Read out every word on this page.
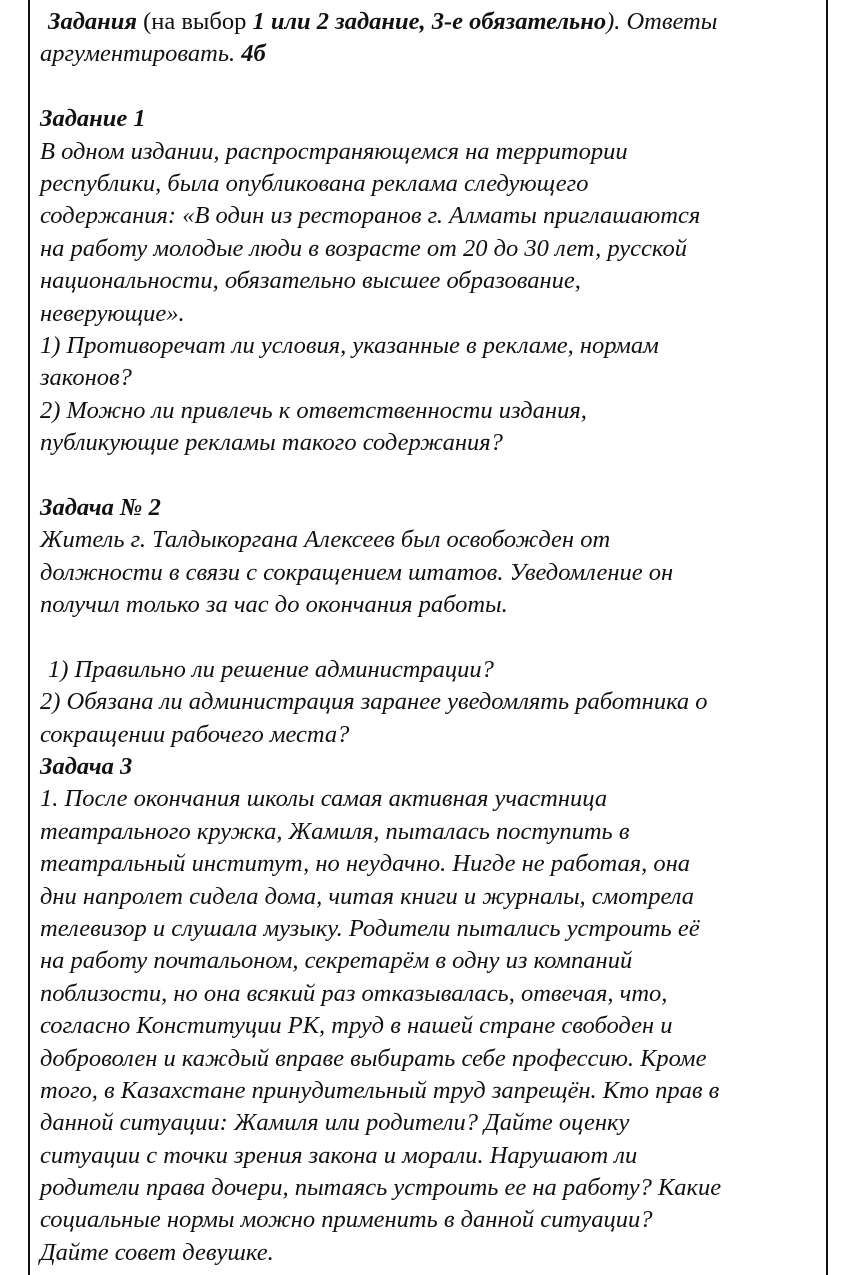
Задания (на выбор 1 или 2 задание, 3-е обязательно). Ответы
аргументировать. 4б
Задание 1
В одном издании, распространяющемся на территории
республики, была опубликована реклама следующего
содержания: «В один из ресторанов г. Алматы приглашаются
на работу молодые люди в возрасте от 20 до 30 лет, русской
национальности, обязательно высшее образование,
неверующие».
1) Противоречат ли условия, указанные в рекламе, нормам
законов?
2) Можно ли привлечь к ответственности издания,
публикующие рекламы такого содержания?
Задача № 2
Житель г. Талдыкоргана Алексеев был освобожден от
должности в связи с сокращением штатов. Уведомление он
получил только за час до окончания работы.
1) Правильно ли решение администрации?
2) Обязана ли администрация заранее уведомлять работника о
сокращении рабочего места?
Задача 3
1. После окончания школы самая активная участница
театрального кружка, Жамиля, пыталась поступить в
театральный институт, но неудачно. Нигде не работая, она
дни напролет сидела дома, читая книги и журналы, смотрела
телевизор и слушала музыку. Родители пытались устроить её
на работу почтальоном, секретарём в одну из компаний
поблизости, но она всякий раз отказывалась, отвечая, что,
согласно Конституции РК, труд в нашей стране свободен и
доброволен и каждый вправе выбирать себе профессию. Кроме
того, в Казахстане принудительный труд запрещён. Кто прав в
данной ситуации: Жамиля или родители? Дайте оценку
ситуации с точки зрения закона и морали. Нарушают ли
родители права дочери, пытаясь устроить ее на работу? Какие
социальные нормы можно применить в данной ситуации?
Дайте совет девушке.
